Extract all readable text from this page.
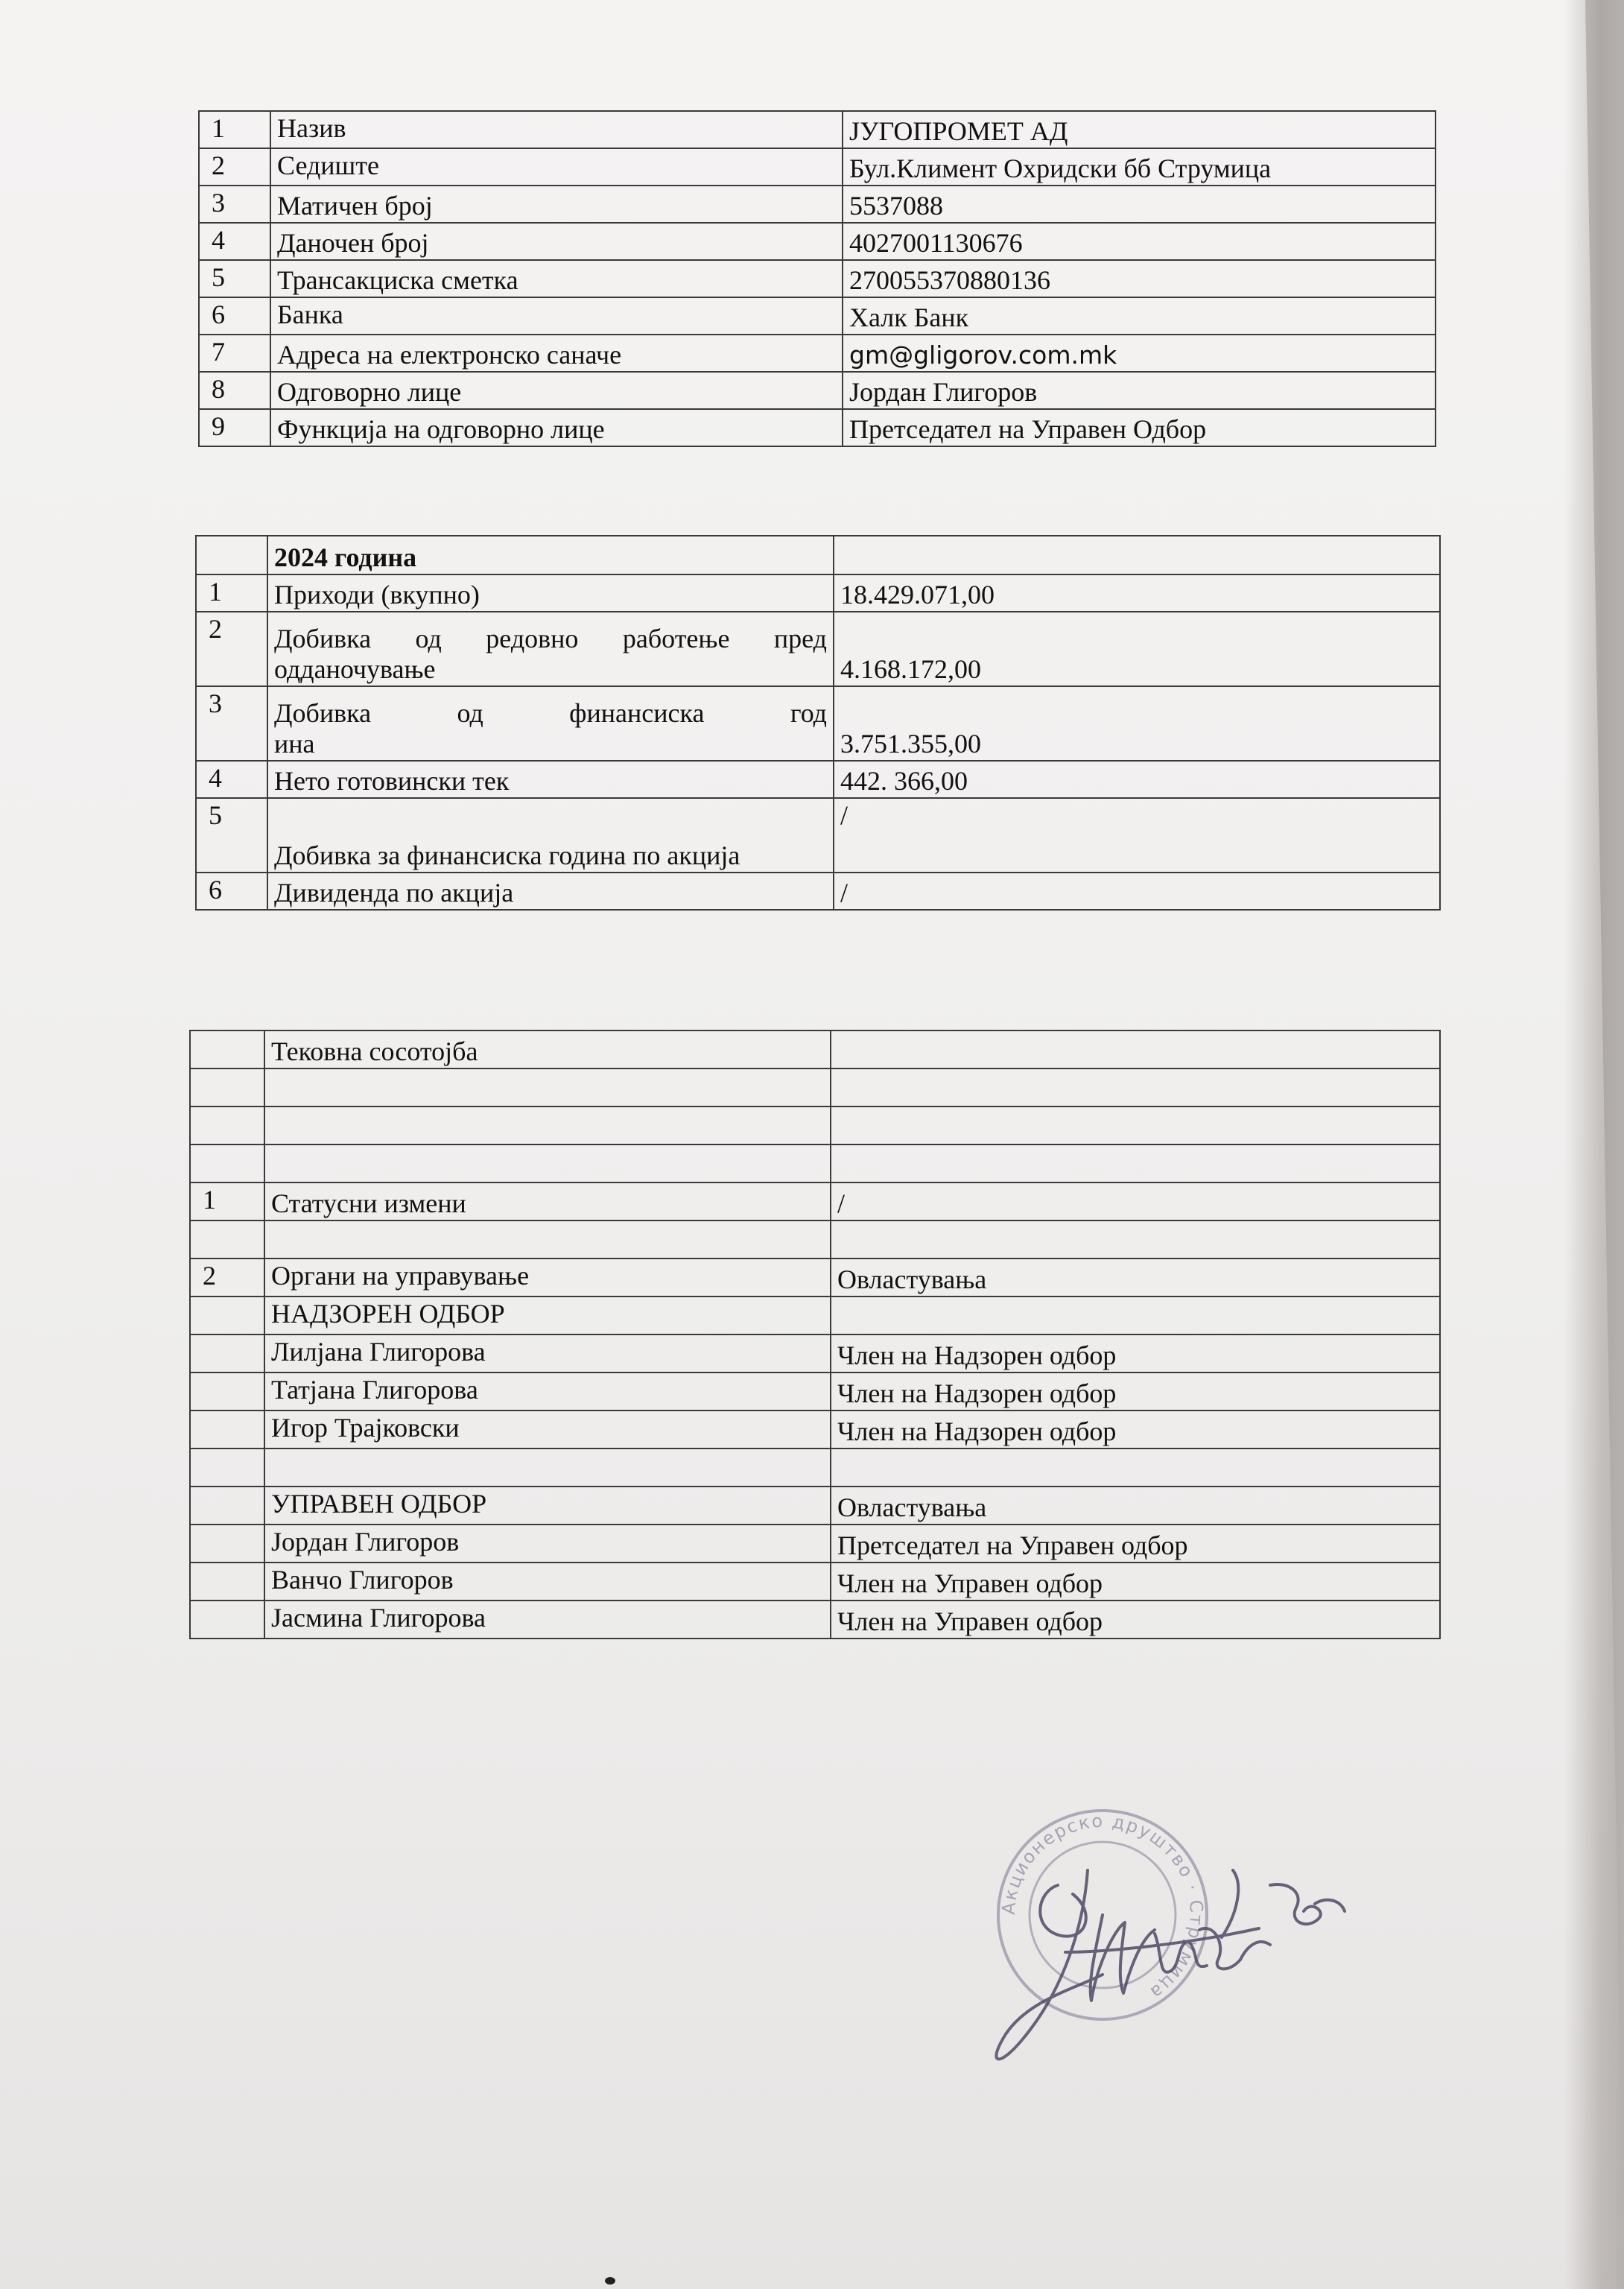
1	Назив	ЈУГОПРОМЕТ АД
2	Седиште	Бул.Климент Охридски бб Струмица
3	Матичен број	5537088
4	Даночен број	4027001130676
5	Трансакциска сметка	270055370880136
6	Банка	Халк Банк
7	Адреса на електронско саначе	gm@gligorov.com.mk
8	Одговорно лице	Јордан Глигоров
9	Функција на одговорно лице	Претседател на Управен Одбор
	2024 година	
1	Приходи (вкупно)	18.429.071,00
2	Добивка од редовно работење пред одданочување	4.168.172,00
3	Добивка од финансиска год ина	3.751.355,00
4	Нето готовински тек	442. 366,00
5	Добивка за финансиска година по акција	/
6	Дивиденда по акција	/
	Тековна сосотојба	

1	Статусни измени	/

2	Органи на управување	Овластувања
	НАДЗОРЕН ОДБОР	
	Лилјана Глигорова	Член на Надзорен одбор
	Татјана Глигорова	Член на Надзорен одбор
	Игор Трајковски	Член на Надзорен одбор

	УПРАВЕН ОДБОР	Овластувања
	Јордан Глигоров	Претседател на Управен одбор
	Ванчо Глигоров	Член на Управен одбор
	Јасмина Глигорова	Член на Управен одбор
Акционерско друштво · Струмица
